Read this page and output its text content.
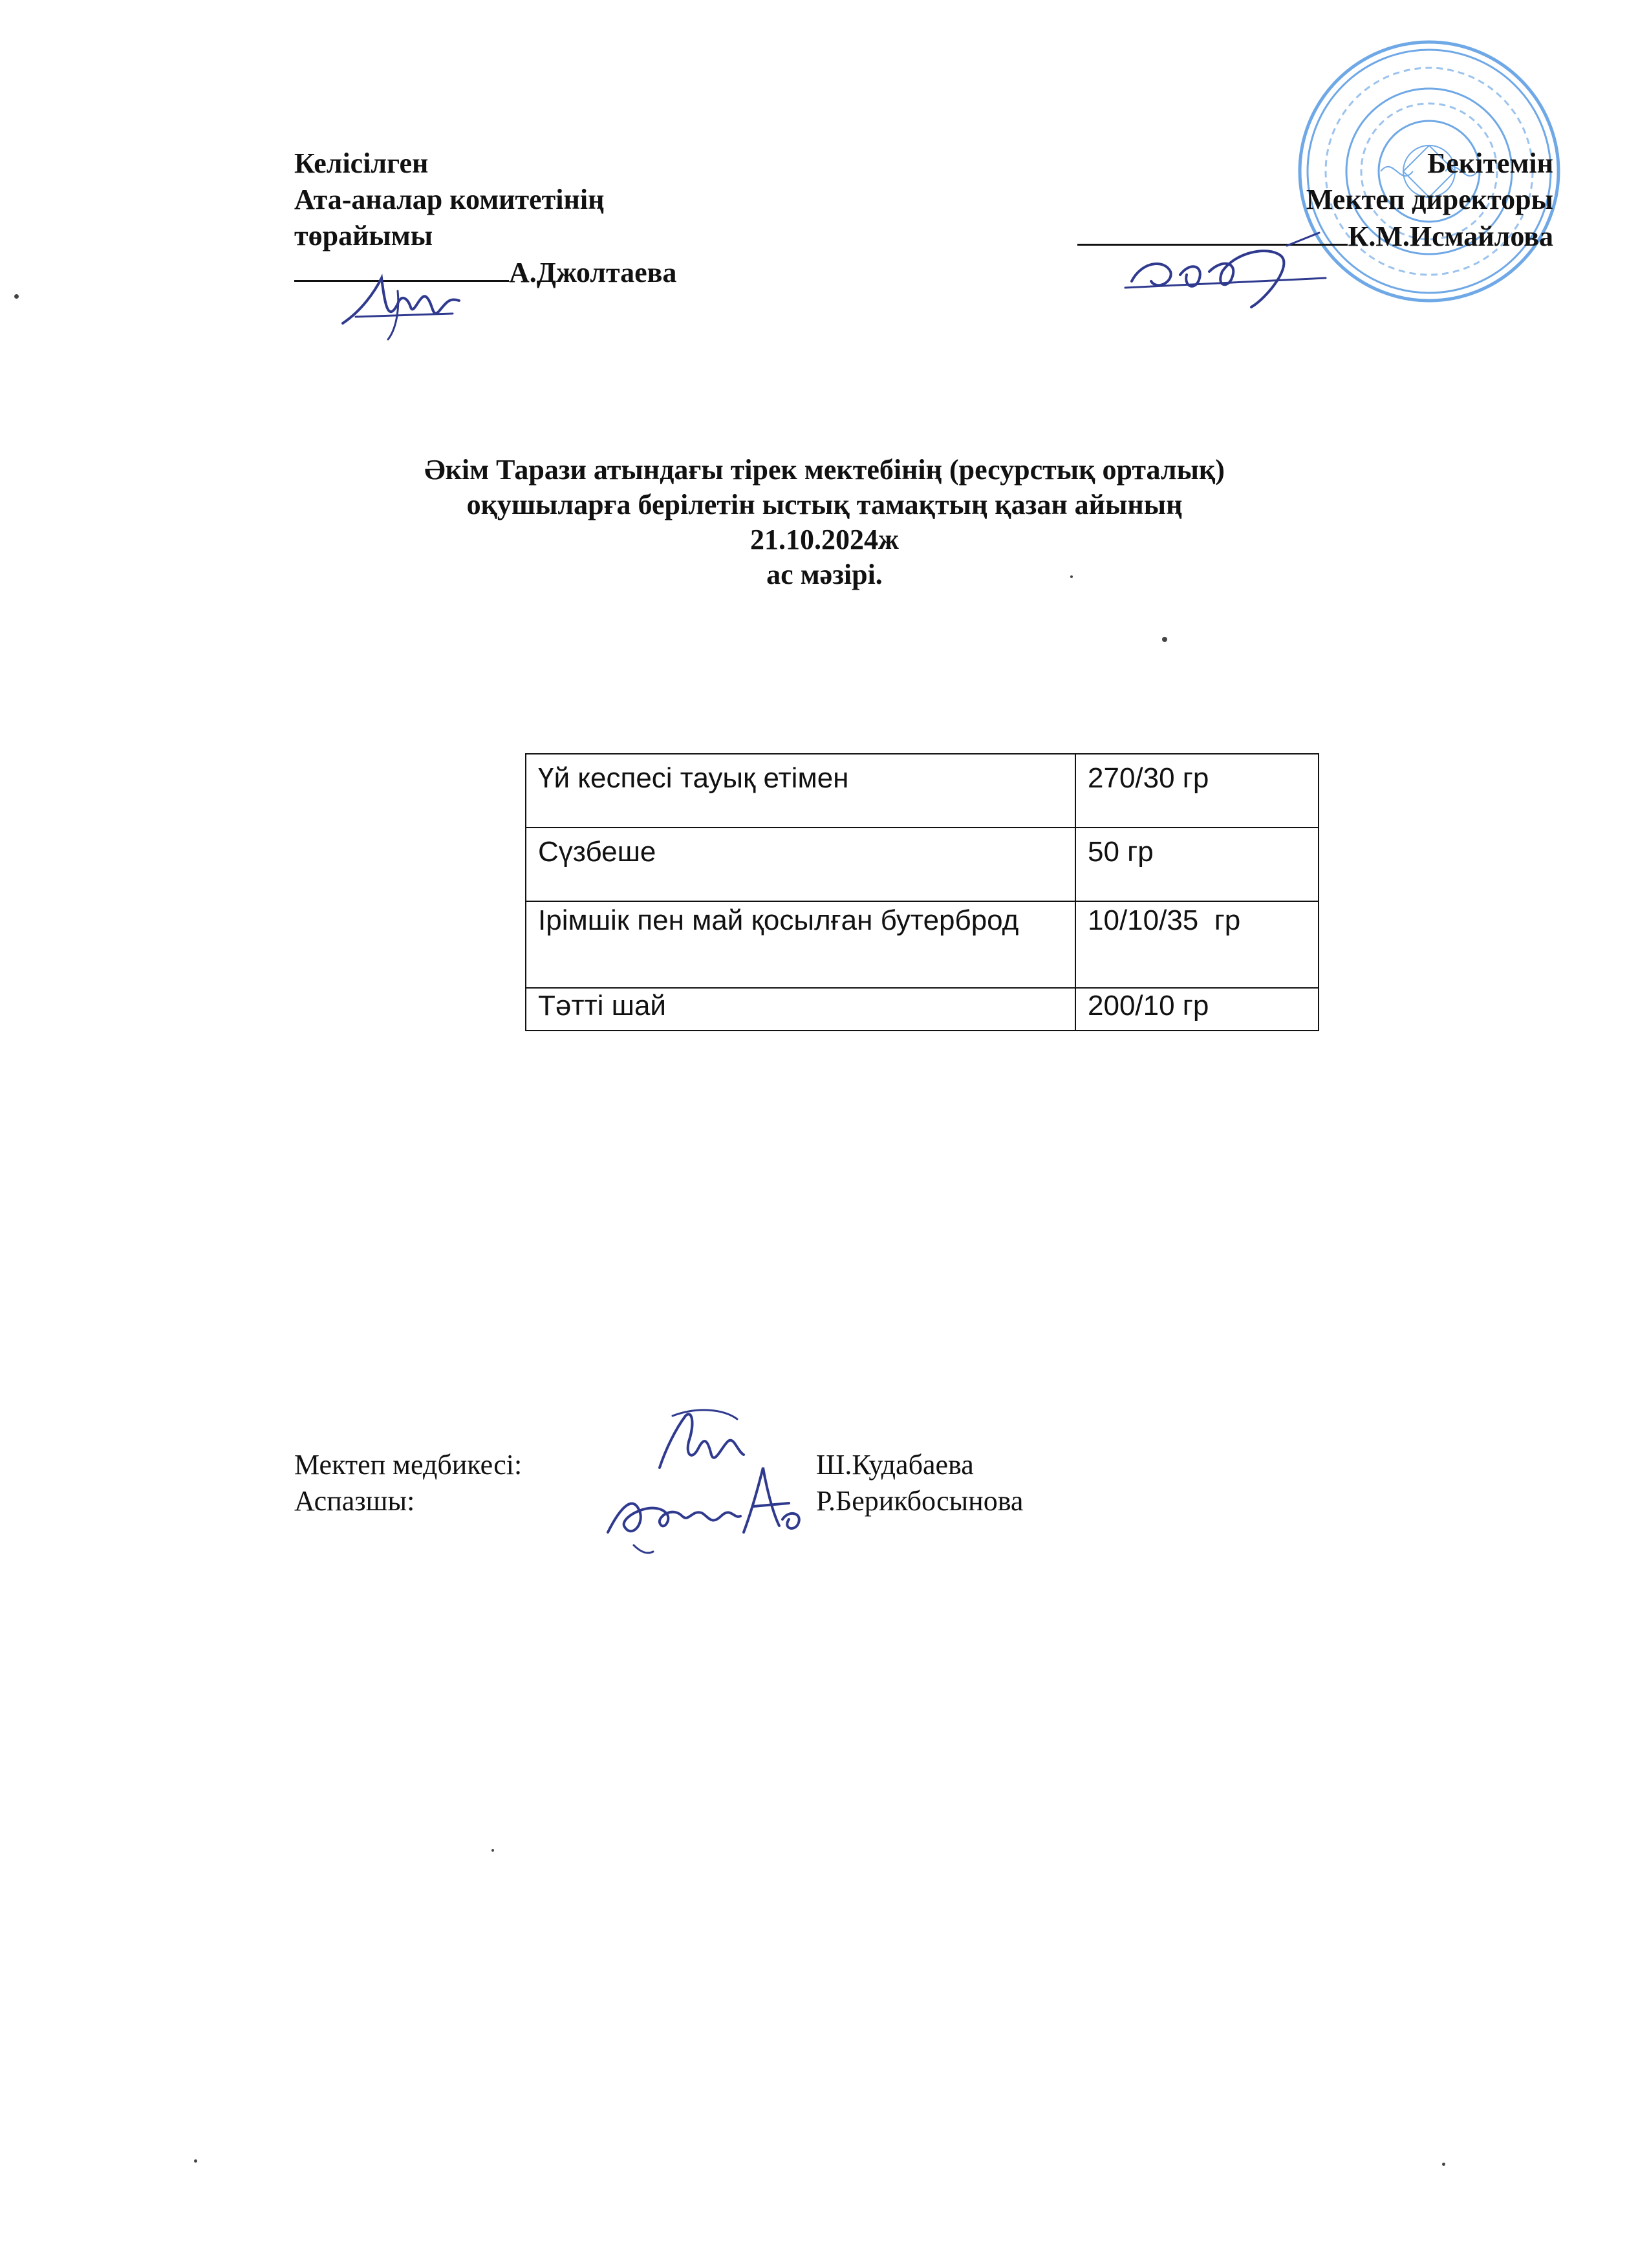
Келісілген
Ата-аналар комитетінің
төрайымы
А.Джолтаева
Бекітемін
Мектеп директоры
К.М.Исмайлова
Әкім Тарази атындағы тірек мектебінің (ресурстық орталық)
оқушыларға берілетін ыстық тамақтың қазан айының
21.10.2024ж
ас мәзірі.
Үй кеспесі тауық етімен	270/30 гр
Сүзбеше	50 гр
Ірімшік пен май қосылған бутерброд	10/10/35  гр
Тәтті шай	200/10 гр
Мектеп медбикесі:	Ш.Кудабаева
Аспазшы:	Р.Берикбосынова
